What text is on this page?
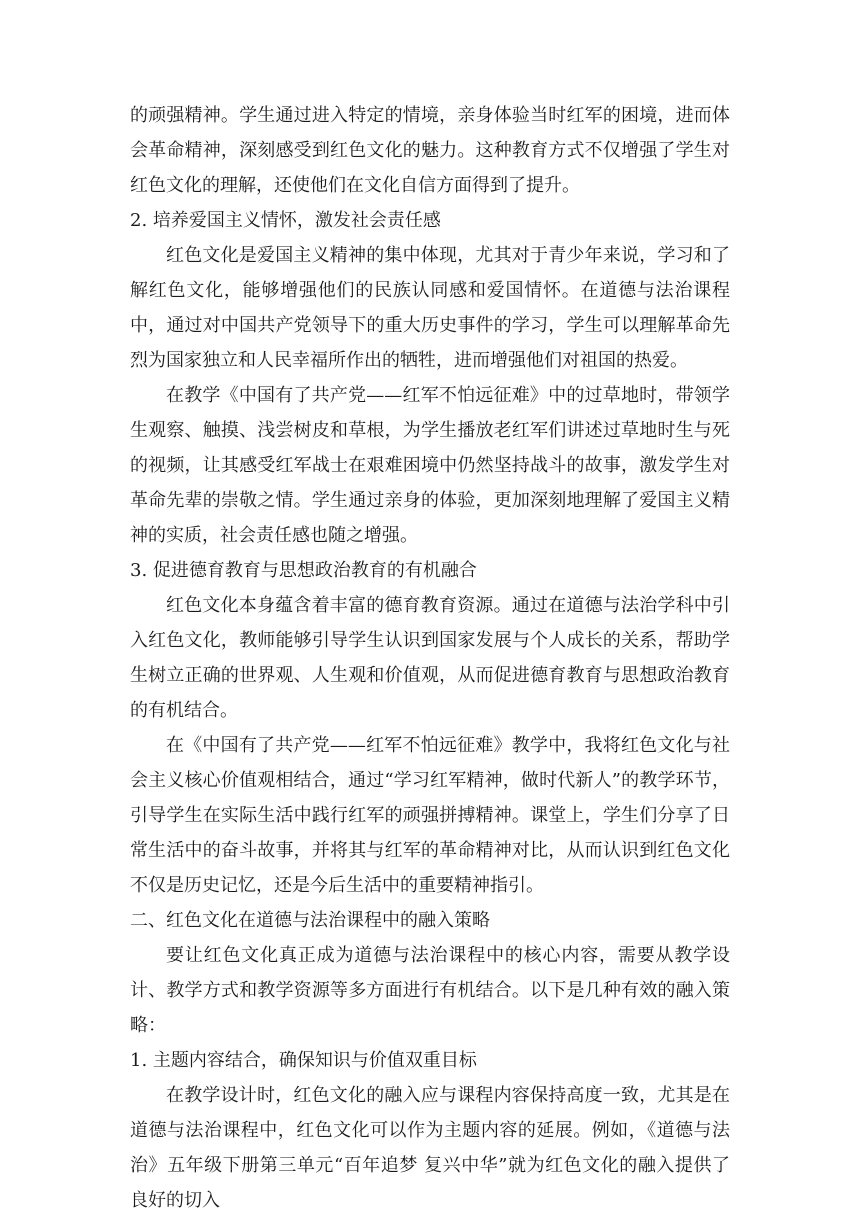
的顽强精神。学生通过进入特定的情境，亲身体验当时红军的困境，进而体会革命精神，深刻感受到红色文化的魅力。这种教育方式不仅增强了学生对红色文化的理解，还使他们在文化自信方面得到了提升。

2. 培养爱国主义情怀，激发社会责任感

红色文化是爱国主义精神的集中体现，尤其对于青少年来说，学习和了解红色文化，能够增强他们的民族认同感和爱国情怀。在道德与法治课程中，通过对中国共产党领导下的重大历史事件的学习，学生可以理解革命先烈为国家独立和人民幸福所作出的牺牲，进而增强他们对祖国的热爱。

在教学《中国有了共产党——红军不怕远征难》中的过草地时，带领学生观察、触摸、浅尝树皮和草根，为学生播放老红军们讲述过草地时生与死的视频，让其感受红军战士在艰难困境中仍然坚持战斗的故事，激发学生对革命先辈的崇敬之情。学生通过亲身的体验，更加深刻地理解了爱国主义精神的实质，社会责任感也随之增强。

3. 促进德育教育与思想政治教育的有机融合

红色文化本身蕴含着丰富的德育教育资源。通过在道德与法治学科中引入红色文化，教师能够引导学生认识到国家发展与个人成长的关系，帮助学生树立正确的世界观、人生观和价值观，从而促进德育教育与思想政治教育的有机结合。

在《中国有了共产党——红军不怕远征难》教学中，我将红色文化与社会主义核心价值观相结合，通过“学习红军精神，做时代新人”的教学环节，引导学生在实际生活中践行红军的顽强拼搏精神。课堂上，学生们分享了日常生活中的奋斗故事，并将其与红军的革命精神对比，从而认识到红色文化不仅是历史记忆，还是今后生活中的重要精神指引。

二、红色文化在道德与法治课程中的融入策略

要让红色文化真正成为道德与法治课程中的核心内容，需要从教学设计、教学方式和教学资源等多方面进行有机结合。以下是几种有效的融入策略：

1. 主题内容结合，确保知识与价值双重目标

在教学设计时，红色文化的融入应与课程内容保持高度一致，尤其是在道德与法治课程中，红色文化可以作为主题内容的延展。例如，《道德与法治》五年级下册第三单元“百年追梦 复兴中华”就为红色文化的融入提供了良好的切入
